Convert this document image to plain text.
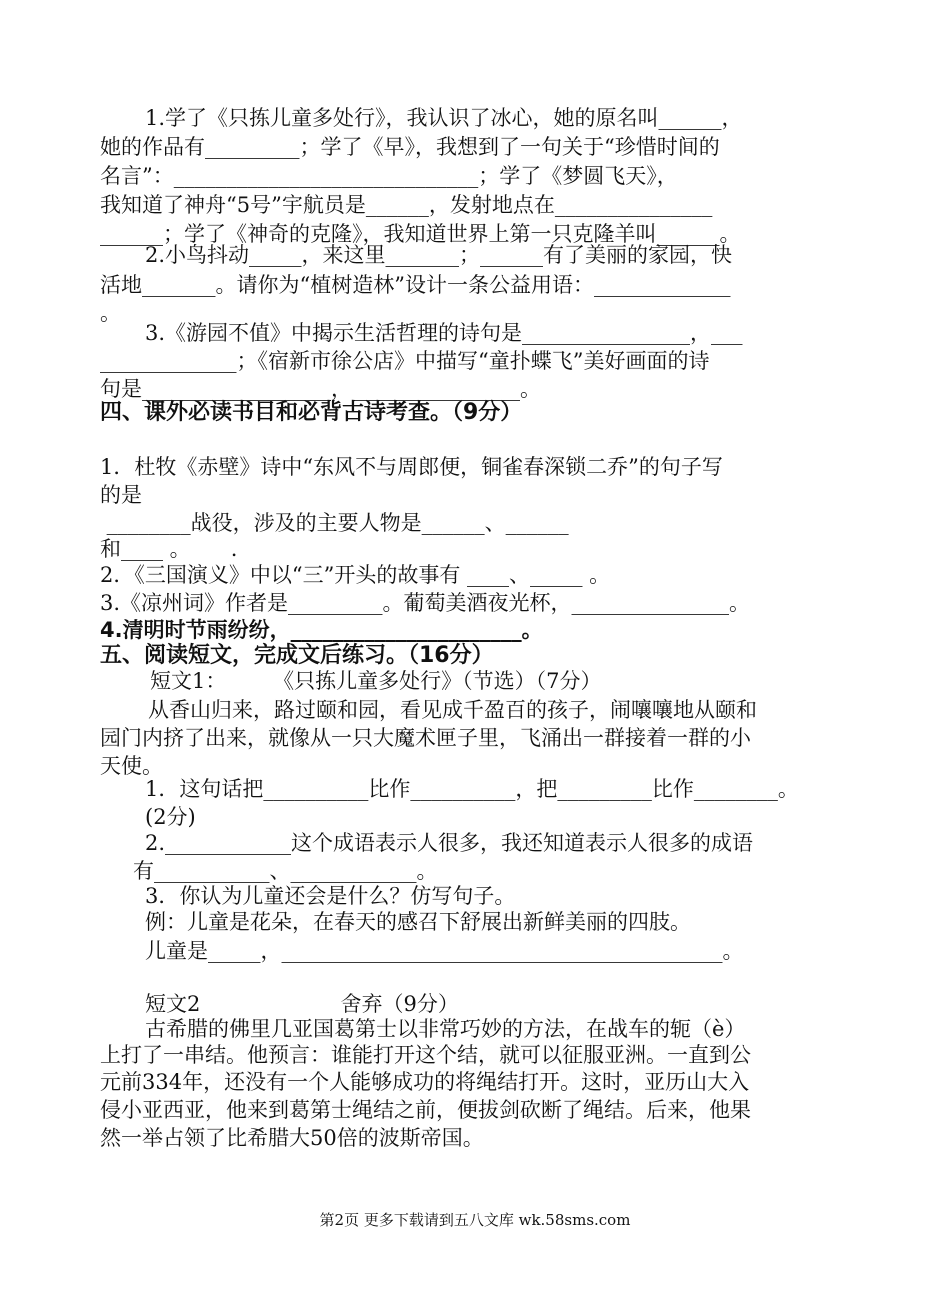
1.学了《只拣儿童多处行》，我认识了冰心，她的原名叫______，
她的作品有_________；学了《早》，我想到了一句关于“珍惜时间的
名言”：_____________________________；学了《梦圆飞天》，
我知道了神舟“5号”宇航员是______，发射地点在_______________
______；学了《神奇的克隆》，我知道世界上第一只克隆羊叫______。
2.小鸟抖动_____，来这里_______；______有了美丽的家园，快
活地_______。请你为“植树造林”设计一条公益用语：_____________
。
3.《游园不值》中揭示生活哲理的诗句是________________，___
_____________；《宿新市徐公店》中描写“童扑蝶飞”美好画面的诗
句是__________________，________________。
四、课外必读书目和必背古诗考查。（9分）
1．杜牧《赤壁》诗中“东风不与周郎便，铜雀春深锁二乔”的句子写
的是
________战役，涉及的主要人物是______、______
和____ 。      .
2．《三国演义》中以“三”开头的故事有 ____、_____ 。
3.《凉州词》作者是_________。葡萄美酒夜光杯，_______________。
4.清明时节雨纷纷，______________________。
五、阅读短文，完成文后练习。（16分）
短文1：       《只拣儿童多处行》（节选）（7分）
从香山归来，路过颐和园，看见成千盈百的孩子，闹嚷嚷地从颐和
园门内挤了出来，就像从一只大魔术匣子里，飞涌出一群接着一群的小
天使。
1．这句话把__________比作__________，把_________比作________。
(2分)
2.____________这个成语表示人很多，我还知道表示人很多的成语
有___________、____________。
3．你认为儿童还会是什么？仿写句子。
例：儿童是花朵，在春天的感召下舒展出新鲜美丽的四肢。
儿童是_____，__________________________________________。
短文2                     舍弃（9分）
古希腊的佛里几亚国葛第士以非常巧妙的方法，在战车的轭（è）
上打了一串结。他预言：谁能打开这个结，就可以征服亚洲。一直到公
元前334年，还没有一个人能够成功的将绳结打开。这时，亚历山大入
侵小亚西亚，他来到葛第士绳结之前，便拔剑砍断了绳结。后来，他果
然一举占领了比希腊大50倍的波斯帝国。
第2页 更多下载请到五八文库 wk.58sms.com
